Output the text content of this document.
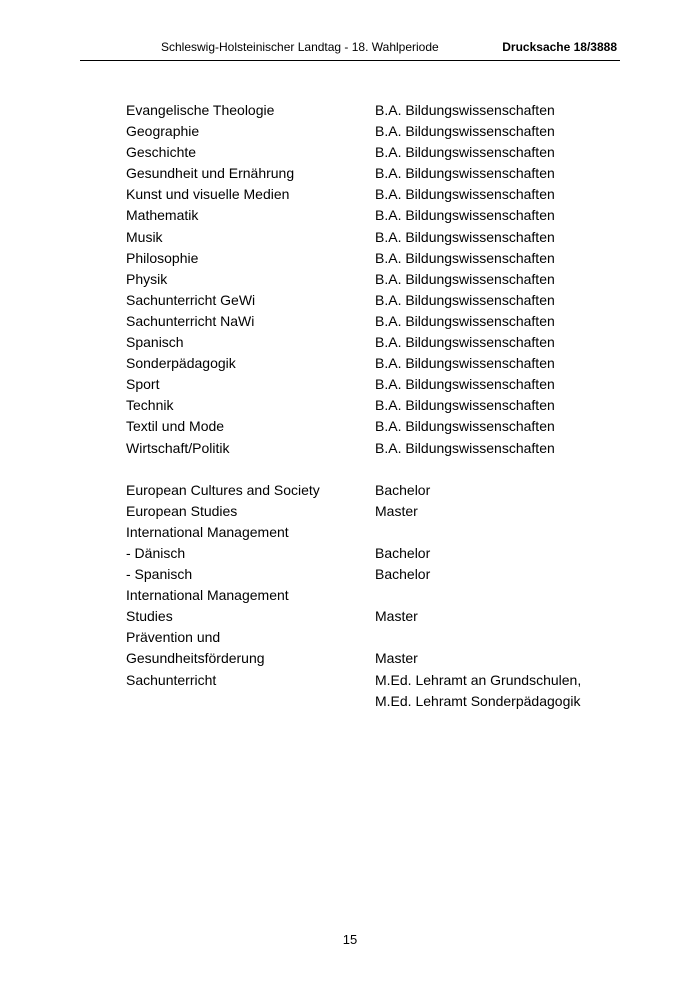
Schleswig-Holsteinischer Landtag - 18. Wahlperiode	Drucksache 18/3888
Evangelische Theologie	B.A. Bildungswissenschaften
Geographie	B.A. Bildungswissenschaften
Geschichte	B.A. Bildungswissenschaften
Gesundheit und Ernährung	B.A. Bildungswissenschaften
Kunst und visuelle Medien	B.A. Bildungswissenschaften
Mathematik	B.A. Bildungswissenschaften
Musik	B.A. Bildungswissenschaften
Philosophie	B.A. Bildungswissenschaften
Physik	B.A. Bildungswissenschaften
Sachunterricht GeWi	B.A. Bildungswissenschaften
Sachunterricht NaWi	B.A. Bildungswissenschaften
Spanisch	B.A. Bildungswissenschaften
Sonderpädagogik	B.A. Bildungswissenschaften
Sport	B.A. Bildungswissenschaften
Technik	B.A. Bildungswissenschaften
Textil und Mode	B.A. Bildungswissenschaften
Wirtschaft/Politik	B.A. Bildungswissenschaften
European Cultures and Society	Bachelor
European Studies	Master
International Management
- Dänisch	Bachelor
- Spanisch	Bachelor
International Management
Studies	Master
Prävention und
Gesundheitsförderung	Master
Sachunterricht	M.Ed. Lehramt an Grundschulen,
M.Ed. Lehramt Sonderpädagogik
15
